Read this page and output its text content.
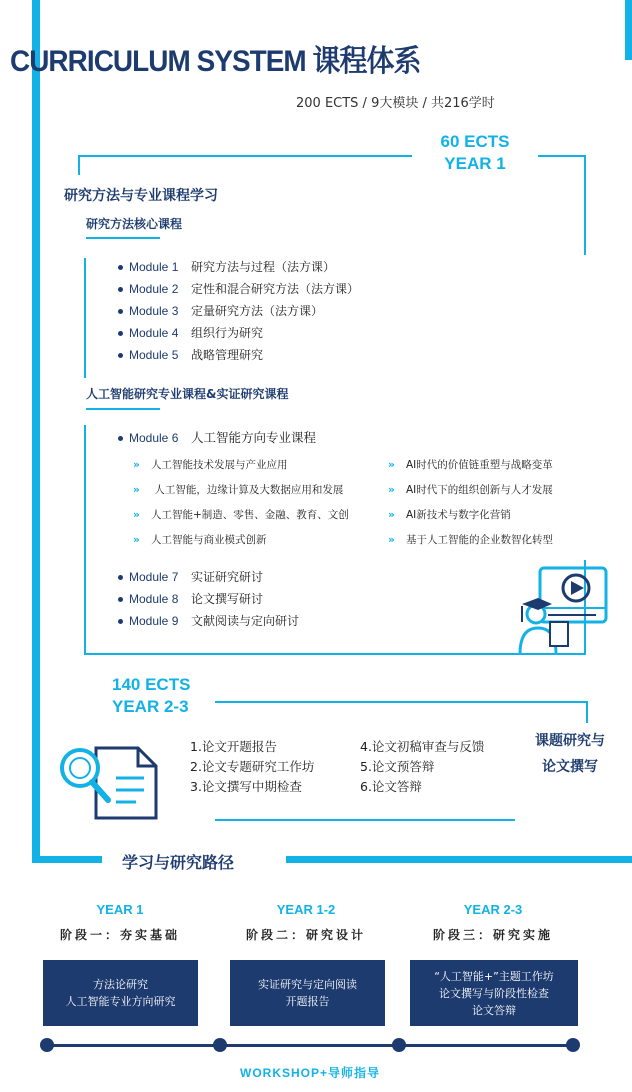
CURRICULUM SYSTEM 课程体系
200 ECTS / 9大模块 / 共216学时
60 ECTS
YEAR 1
研究方法与专业课程学习
研究方法核心课程
Module 1 研究方法与过程（法方课）
Module 2 定性和混合研究方法（法方课）
Module 3 定量研究方法（法方课）
Module 4 组织行为研究
Module 5 战略管理研究
人工智能研究专业课程&实证研究课程
Module 6 人工智能方向专业课程
» 人工智能技术发展与产业应用
» 人工智能，边缘计算及大数据应用和发展
» 人工智能+制造、零售、金融、教育、文创
» 人工智能与商业模式创新
» AI时代的价值链重塑与战略变革
» AI时代下的组织创新与人才发展
» AI新技术与数字化营销
» 基于人工智能的企业数智化转型
Module 7 实证研究研讨
Module 8 论文撰写研讨
Module 9 文献阅读与定向研讨
140 ECTS
YEAR 2-3
1.论文开题报告
2.论文专题研究工作坊
3.论文撰写中期检查
4.论文初稿审查与反馈
5.论文预答辩
6.论文答辩
课题研究与
论文撰写
学习与研究路径
YEAR 1
阶段一：夯实基础
方法论研究
人工智能专业方向研究
YEAR 1-2
阶段二：研究设计
实证研究与定向阅读
开题报告
YEAR 2-3
阶段三：研究实施
“人工智能+”主题工作坊
论文撰写与阶段性检查
论文答辩
WORKSHOP+导师指导
